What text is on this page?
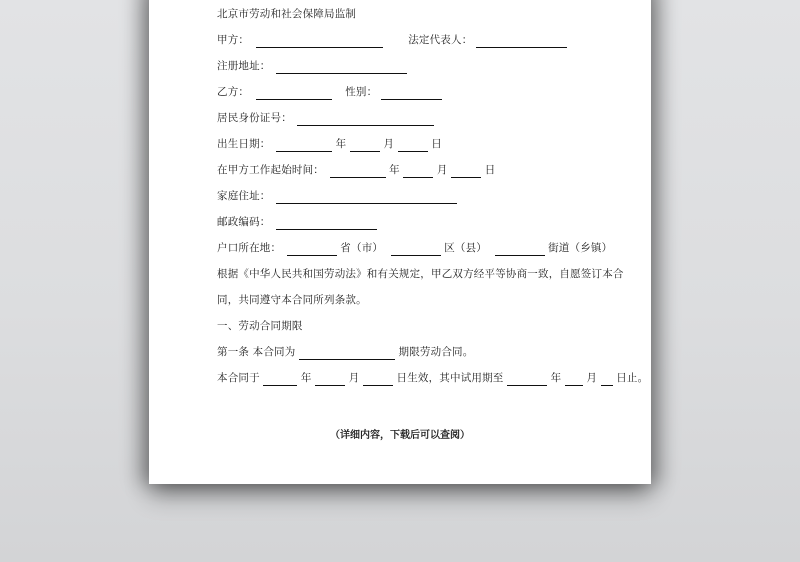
北京市劳动和社会保障局监制
甲方：	法定代表人：
注册地址：
乙方：	性别：
居民身份证号：
出生日期：	年	月	日
在甲方工作起始时间：	年	月	日
家庭住址：
邮政编码：
户口所在地：	省（市）	区（县）	街道（乡镇）
根据《中华人民共和国劳动法》和有关规定，甲乙双方经平等协商一致，自愿签订本合
同，共同遵守本合同所列条款。
一、劳动合同期限
第一条 本合同为	期限劳动合同。
本合同于	年	月	日生效，其中试用期至	年 月 日止。
（详细内容，下载后可以查阅）
